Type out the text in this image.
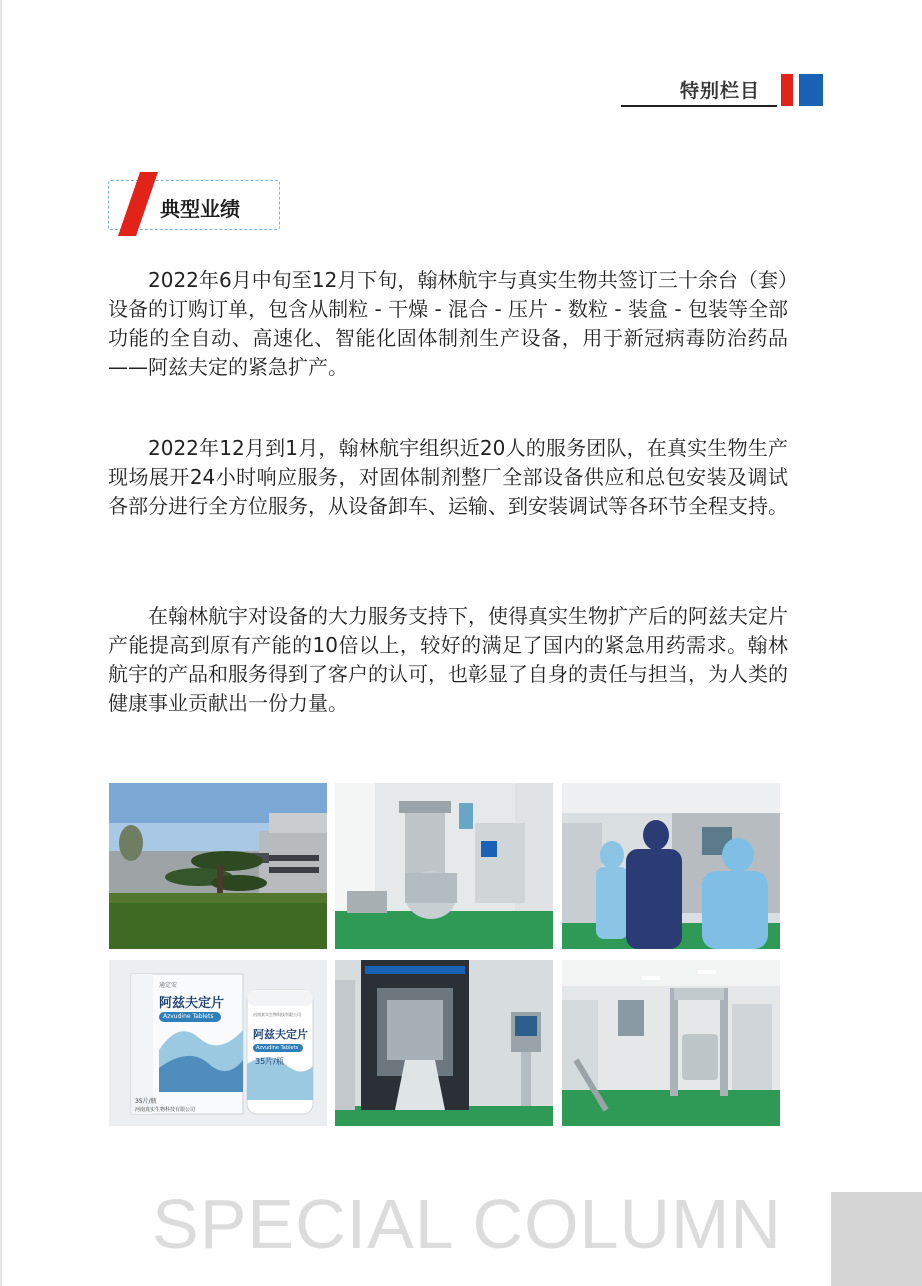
特别栏目
典型业绩

2022年6月中旬至12月下旬，翰林航宇与真实生物共签订三十余台（套）设备的订购订单，包含从制粒 - 干燥 - 混合 - 压片 - 数粒 - 装盒 - 包装等全部功能的全自动、高速化、智能化固体制剂生产设备，用于新冠病毒防治药品——阿兹夫定的紧急扩产。

2022年12月到1月，翰林航宇组织近20人的服务团队，在真实生物生产现场展开24小时响应服务，对固体制剂整厂全部设备供应和总包安装及调试各部分进行全方位服务，从设备卸车、运输、到安装调试等各环节全程支持。

在翰林航宇对设备的大力服务支持下，使得真实生物扩产后的阿兹夫定片产能提高到原有产能的10倍以上，较好的满足了国内的紧急用药需求。翰林航宇的产品和服务得到了客户的认可，也彰显了自身的责任与担当，为人类的健康事业贡献出一份力量。

通定安
阿兹夫定片
Azvudine Tablets
35片/瓶
河南真实生物科技有限公司
河南真实生物科技有限公司
阿兹夫定片
Azvudine Tablets
35片/瓶
SPECIAL COLUMN
